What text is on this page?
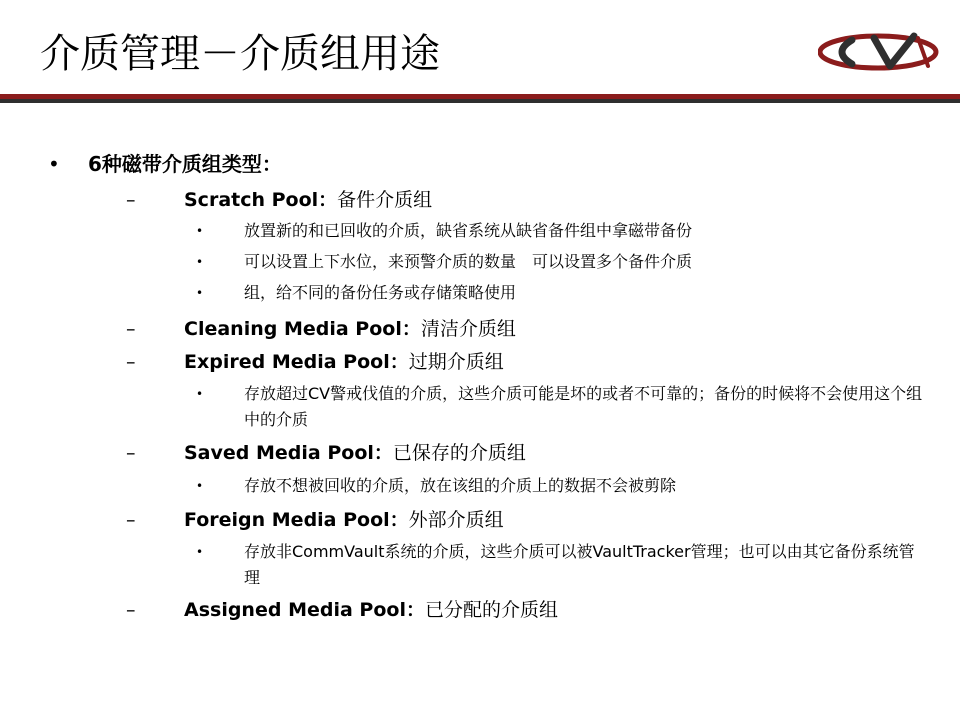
介质管理－介质组用途
• 6种磁带介质组类型：
–	Scratch Pool：备件介质组
•	放置新的和已回收的介质，缺省系统从缺省备件组中拿磁带备份
•	可以设置上下水位，来预警介质的数量　可以设置多个备件介质
•	组，给不同的备份任务或存储策略使用
–	Cleaning Media Pool：清洁介质组
–	Expired Media Pool：过期介质组
•	存放超过CV警戒伐值的介质，这些介质可能是坏的或者不可靠的；备份的时候将不会使用这个组中的介质
–	Saved Media Pool：已保存的介质组
•	存放不想被回收的介质，放在该组的介质上的数据不会被剪除
–	Foreign Media Pool：外部介质组
•	存放非CommVault系统的介质，这些介质可以被VaultTracker管理；也可以由其它备份系统管理
–	Assigned Media Pool：已分配的介质组
